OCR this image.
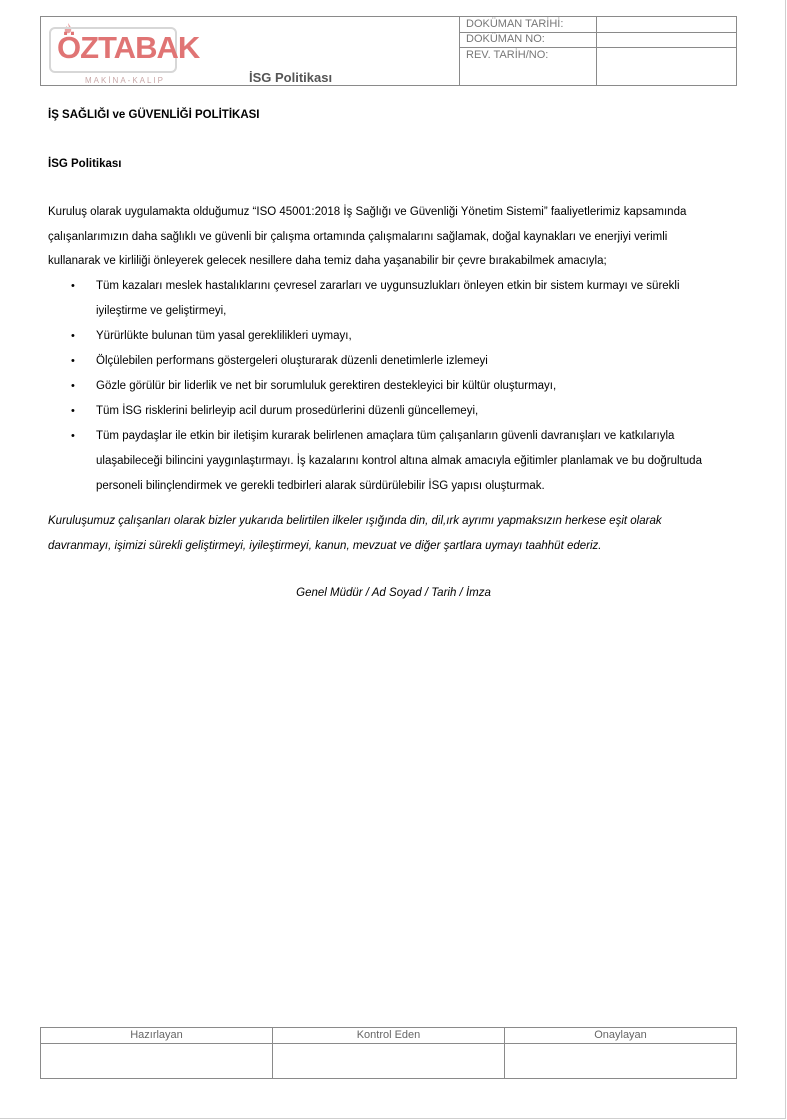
ÖZTABAK
MAKİNA-KALIP	İSG Politikası
DOKÜMAN TARİHİ:
DOKÜMAN NO:
REV. TARİH/NO:
İŞ SAĞLIĞI ve GÜVENLİĞİ POLİTİKASI
İSG Politikası
Kuruluş olarak uygulamakta olduğumuz “ISO 45001:2018 İş Sağlığı ve Güvenliği Yönetim Sistemi” faaliyetlerimiz kapsamında
çalışanlarımızın daha sağlıklı ve güvenli bir çalışma ortamında çalışmalarını sağlamak, doğal kaynakları ve enerjiyi verimli
kullanarak ve kirliliği önleyerek gelecek nesillere daha temiz daha yaşanabilir bir çevre bırakabilmek amacıyla;
• Tüm kazaları meslek hastalıklarını çevresel zararları ve uygunsuzlukları önleyen etkin bir sistem kurmayı ve sürekli
iyileştirme ve geliştirmeyi,
• Yürürlükte bulunan tüm yasal gereklilikleri uymayı,
• Ölçülebilen performans göstergeleri oluşturarak düzenli denetimlerle izlemeyi
• Gözle görülür bir liderlik ve net bir sorumluluk gerektiren destekleyici bir kültür oluşturmayı,
• Tüm İSG risklerini belirleyip acil durum prosedürlerini düzenli güncellemeyi,
• Tüm paydaşlar ile etkin bir iletişim kurarak belirlenen amaçlara tüm çalışanların güvenli davranışları ve katkılarıyla
ulaşabileceği bilincini yaygınlaştırmayı. İş kazalarını kontrol altına almak amacıyla eğitimler planlamak ve bu doğrultuda
personeli bilinçlendirmek ve gerekli tedbirleri alarak sürdürülebilir İSG yapısı oluşturmak.
Kuruluşumuz çalışanları olarak bizler yukarıda belirtilen ilkeler ışığında din, dil,ırk ayrımı yapmaksızın herkese eşit olarak
davranmayı, işimizi sürekli geliştirmeyi, iyileştirmeyi, kanun, mevzuat ve diğer şartlara uymayı taahhüt ederiz.
Genel Müdür / Ad Soyad / Tarih / İmza
Hazırlayan	Kontrol Eden	Onaylayan
